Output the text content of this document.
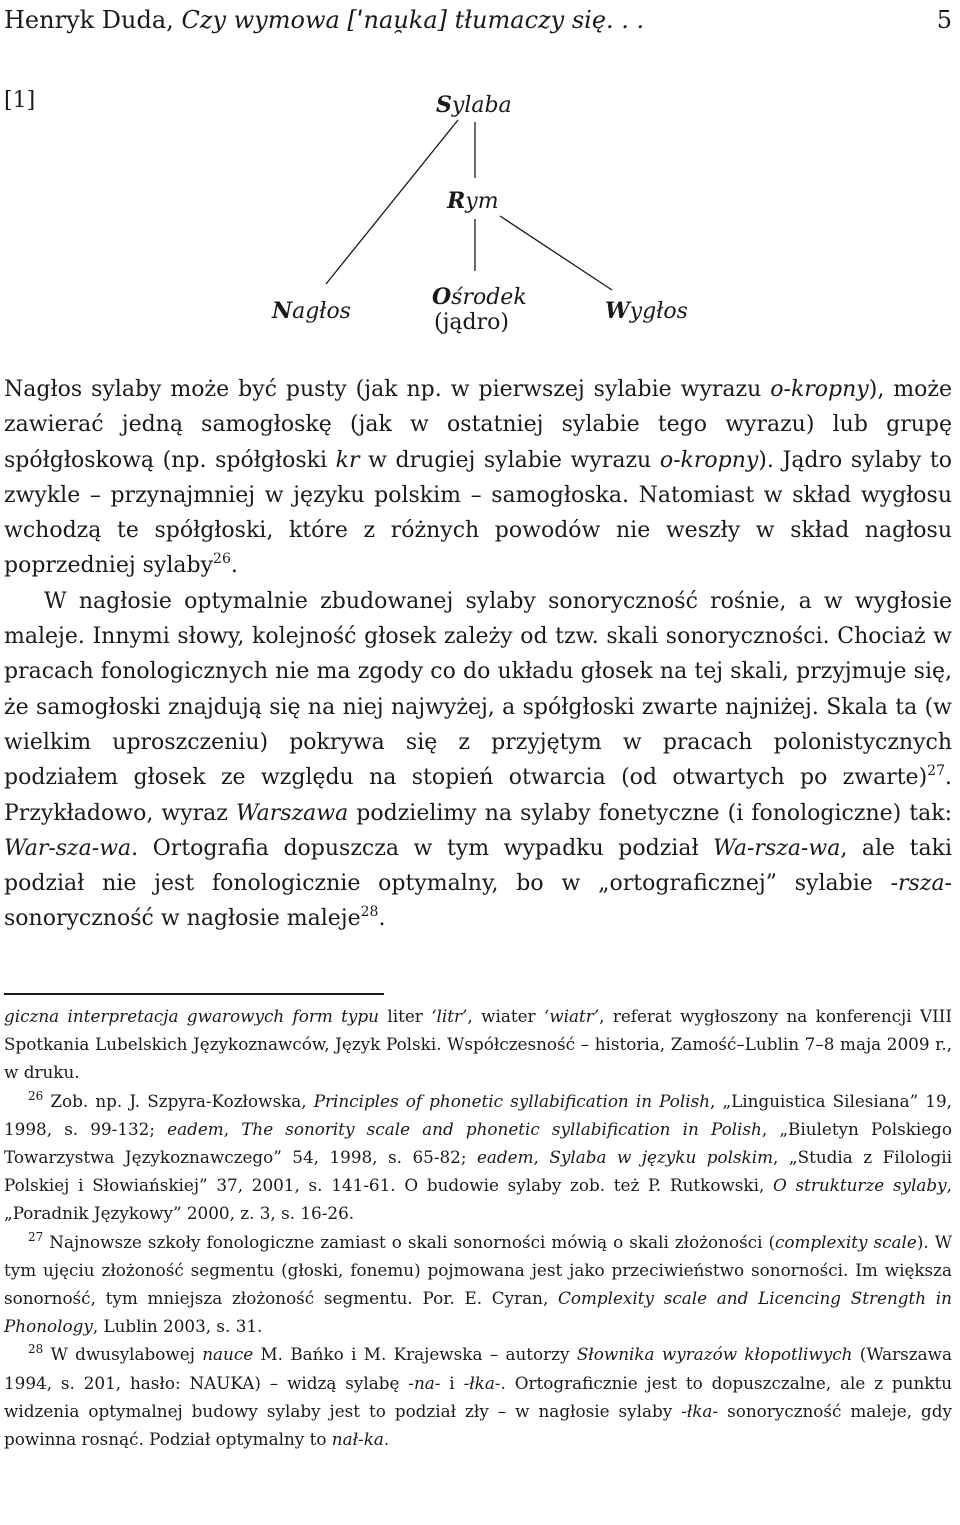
Henryk Duda, Czy wymowa [ˈnau̯ka] tłumaczy się. . .	5
[1]	Sylaba
Rym
Nagłos
Ośrodek
(jądro)	Wygłos

Nagłos sylaby może być pusty (jak np. w pierwszej sylabie wyrazu o-kropny), może zawierać jedną samogłoskę (jak w ostatniej sylabie tego wyrazu) lub grupę spółgłoskową (np. spółgłoski kr w drugiej sylabie wyrazu o-kropny). Jądro sylaby to zwykle – przynajmniej w języku polskim – samogłoska. Natomiast w skład wygłosu wchodzą te spółgłoski, które z różnych powodów nie weszły w skład nagłosu poprzedniej sylaby$^{26}$.

W nagłosie optymalnie zbudowanej sylaby sonoryczność rośnie, a w wygłosie maleje. Innymi słowy, kolejność głosek zależy od tzw. skali sonoryczności. Chociaż w pracach fonologicznych nie ma zgody co do układu głosek na tej skali, przyjmuje się, że samogłoski znajdują się na niej najwyżej, a spółgłoski zwarte najniżej. Skala ta (w wielkim uproszczeniu) pokrywa się z przyjętym w pracach polonistycznych podziałem głosek ze względu na stopień otwarcia (od otwartych po zwarte)$^{27}$. Przykładowo, wyraz Warszawa podzielimy na sylaby fonetyczne (i fonologiczne) tak: War-sza-wa. Ortografia dopuszcza w tym wypadku podział Wa-rsza-wa, ale taki podział nie jest fonologicznie optymalny, bo w „ortograficznej” sylabie -rsza- sonoryczność w nagłosie maleje$^{28}$.

giczna interpretacja gwarowych form typu liter ‘litr’, wiater ‘wiatr’, referat wygłoszony na konferencji VIII Spotkania Lubelskich Językoznawców, Język Polski. Współczesność – historia, Zamość–Lublin 7–8 maja 2009 r., w druku.

$^{26}$ Zob. np. J. Szpyra-Kozłowska, Principles of phonetic syllabification in Polish, „Linguistica Silesiana” 19, 1998, s. 99-132; eadem, The sonority scale and phonetic syllabification in Polish, „Biuletyn Polskiego Towarzystwa Językoznawczego” 54, 1998, s. 65-82; eadem, Sylaba w języku polskim, „Studia z Filologii Polskiej i Słowiańskiej” 37, 2001, s. 141-61. O budowie sylaby zob. też P. Rutkowski, O strukturze sylaby, „Poradnik Językowy” 2000, z. 3, s. 16-26.

$^{27}$ Najnowsze szkoły fonologiczne zamiast o skali sonorności mówią o skali złożoności (complexity scale). W tym ujęciu złożoność segmentu (głoski, fonemu) pojmowana jest jako przeciwieństwo sonorności. Im większa sonorność, tym mniejsza złożoność segmentu. Por. E. Cyran, Complexity scale and Licencing Strength in Phonology, Lublin 2003, s. 31.

$^{28}$ W dwusylabowej nauce M. Bańko i M. Krajewska – autorzy Słownika wyrazów kłopotliwych (Warszawa 1994, s. 201, hasło: NAUKA) – widzą sylabę -na- i -łka-. Ortograficznie jest to dopuszczalne, ale z punktu widzenia optymalnej budowy sylaby jest to podział zły – w nagłosie sylaby -łka- sonoryczność maleje, gdy powinna rosnąć. Podział optymalny to nał-ka.
